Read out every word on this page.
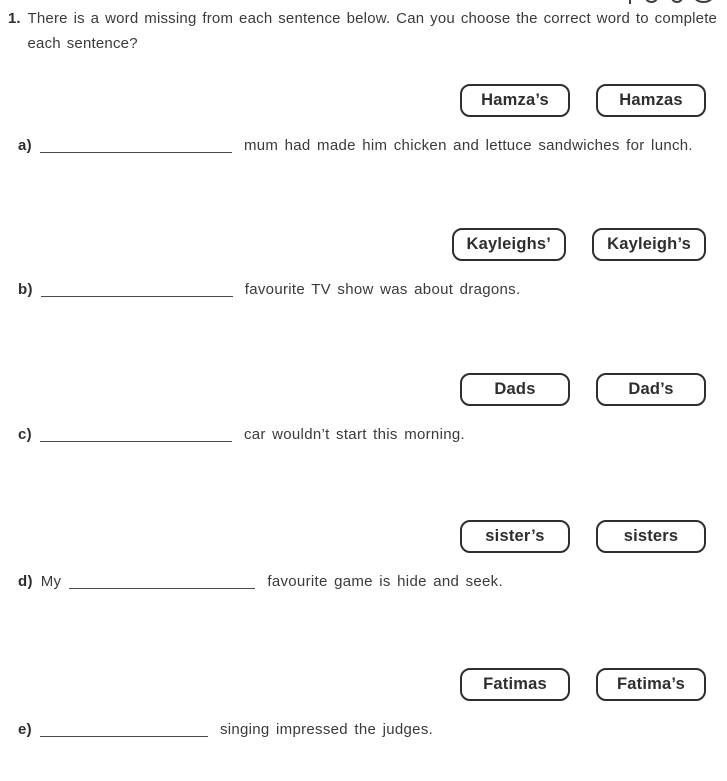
1. There is a word missing from each sentence below. Can you choose the correct word to complete each sentence?

Hamza’s	Hamzas
a)	mum had made him chicken and lettuce sandwiches for lunch.
Kayleighs’	Kayleigh’s
b)	favourite TV show was about dragons.
Dads	Dad’s
c)	car wouldn’t start this morning.
sister’s	sisters
d) My	favourite game is hide and seek.
Fatimas	Fatima’s
e)	singing impressed the judges.
